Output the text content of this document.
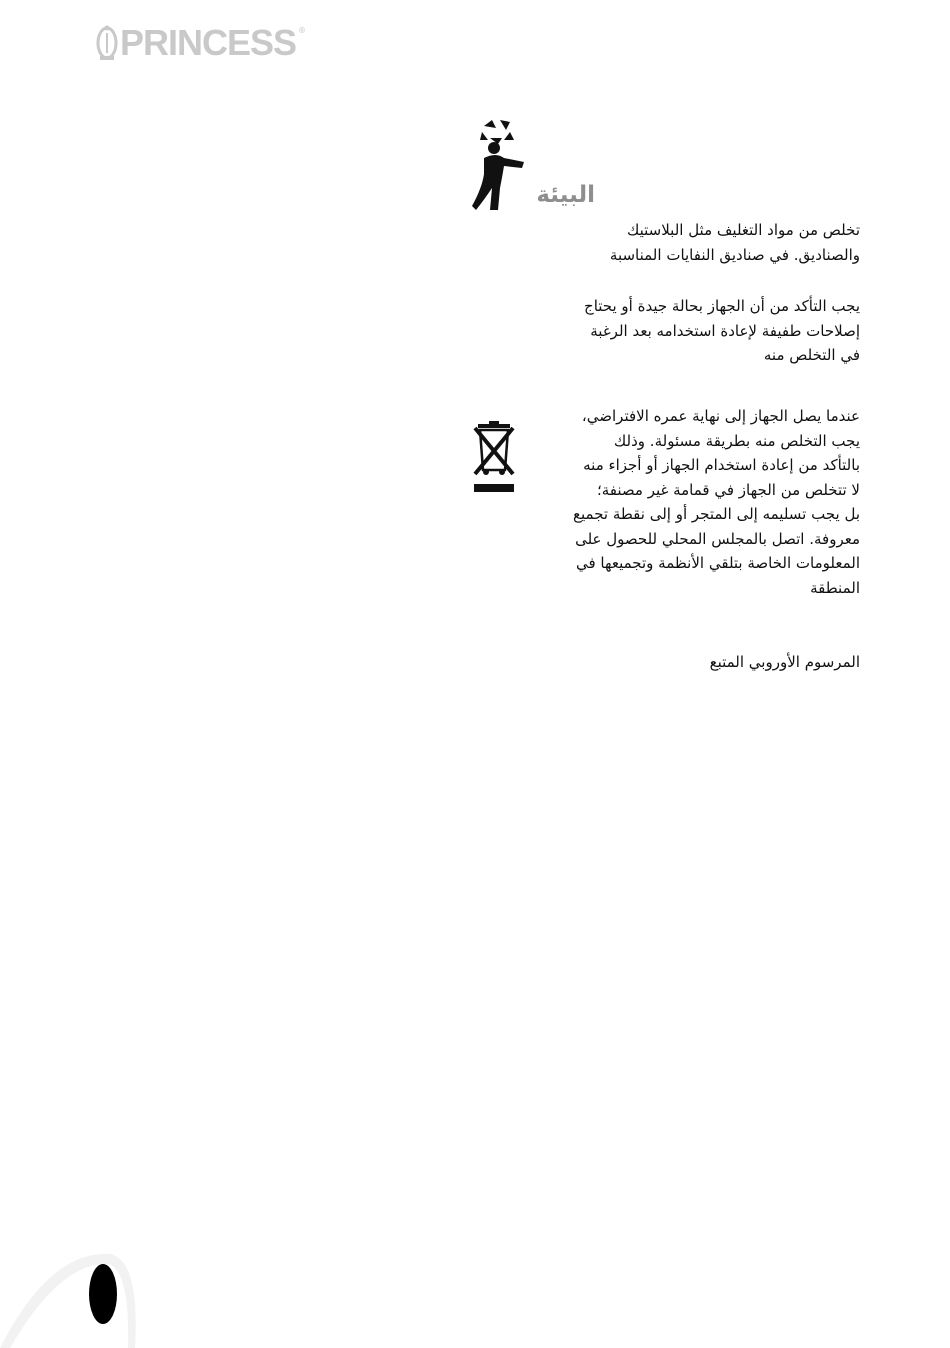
PRINCESS ®
البيئة
تخلص من مواد التغليف مثل البلاستيك
والصناديق. في صناديق النفايات المناسبة
يجب التأكد من أن الجهاز بحالة جيدة أو يحتاج
إصلاحات طفيفة لإعادة استخدامه بعد الرغبة
في التخلص منه
عندما يصل الجهاز إلى نهاية عمره الافتراضي،
يجب التخلص منه بطريقة مسئولة. وذلك
بالتأكد من إعادة استخدام الجهاز أو أجزاء منه
لا تتخلص من الجهاز في قمامة غير مصنفة؛
بل يجب تسليمه إلى المتجر أو إلى نقطة تجميع
معروفة. اتصل بالمجلس المحلي للحصول على
المعلومات الخاصة بتلقي الأنظمة وتجميعها في
المنطقة
المرسوم الأوروبي المتبع
